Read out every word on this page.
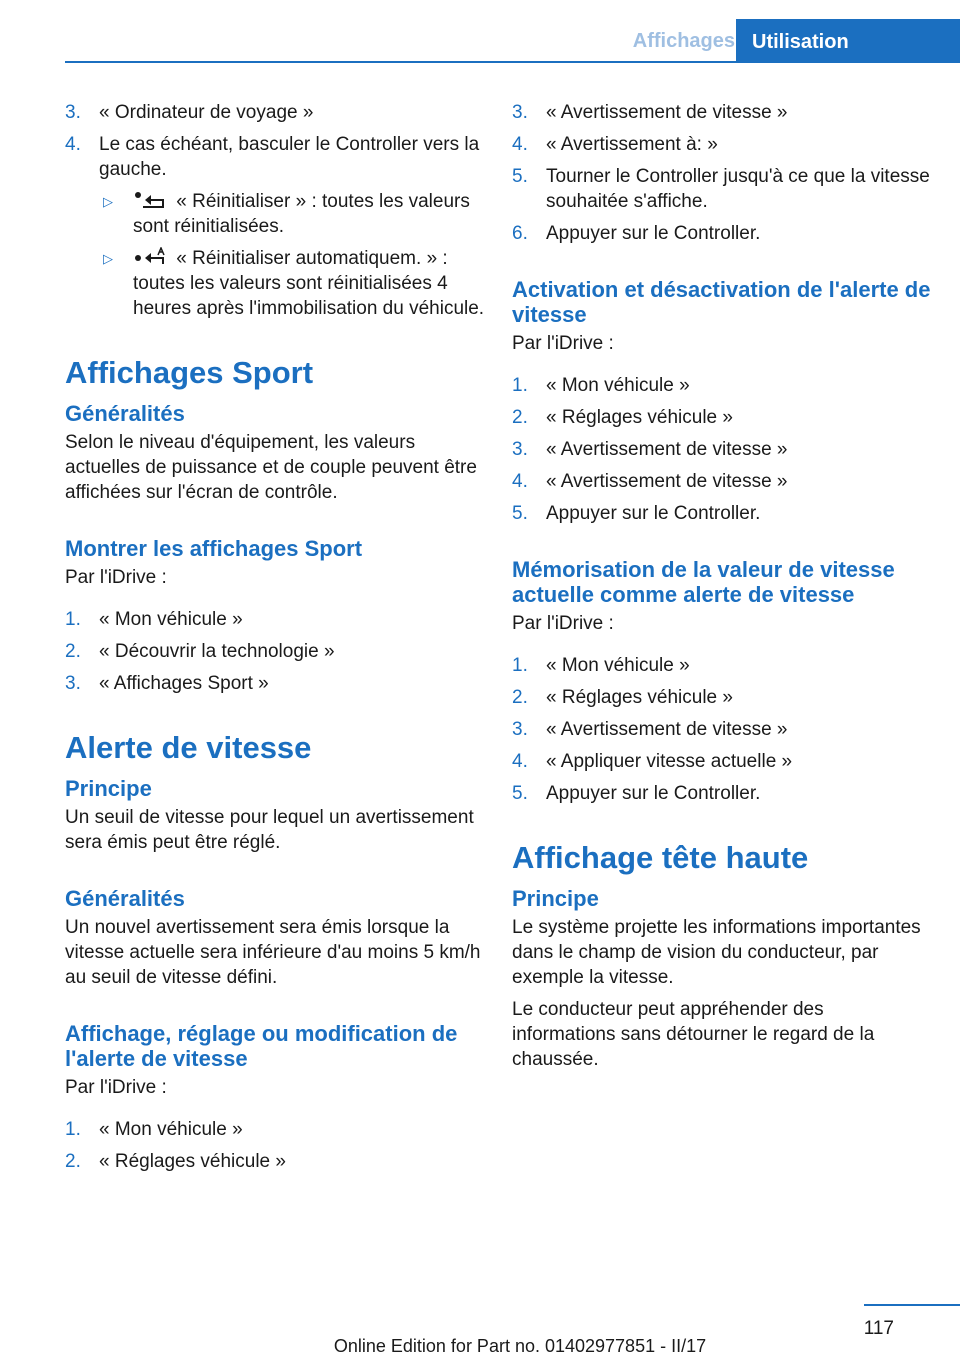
Affichages Utilisation
3. « Ordinateur de voyage »
4. Le cas échéant, basculer le Controller vers la gauche.
▷	« Réinitialiser » : toutes les valeurs sont réinitialisées.
▷	« Réinitialiser automatiquem. » : toutes les valeurs sont réinitialisées 4 heures après l'immobilisation du véhicule.
Affichages Sport
Généralités

Selon le niveau d'équipement, les valeurs actuelles de puissance et de couple peuvent être affichées sur l'écran de contrôle.

Montrer les affichages Sport

Par l'iDrive :

1. « Mon véhicule »
2. « Découvrir la technologie »
3. « Affichages Sport »
Alerte de vitesse
Principe

Un seuil de vitesse pour lequel un avertissement sera émis peut être réglé.

Généralités

Un nouvel avertissement sera émis lorsque la vitesse actuelle sera inférieure d'au moins 5 km/h au seuil de vitesse défini.

Affichage, réglage ou modification de l'alerte de vitesse

Par l'iDrive :

1. « Mon véhicule »
2. « Réglages véhicule »
3. « Avertissement de vitesse »
4. « Avertissement à: »
5. Tourner le Controller jusqu'à ce que la vitesse souhaitée s'affiche.
6. Appuyer sur le Controller.
Activation et désactivation de l'alerte de vitesse

Par l'iDrive :

1. « Mon véhicule »
2. « Réglages véhicule »
3. « Avertissement de vitesse »
4. « Avertissement de vitesse »
5. Appuyer sur le Controller.
Mémorisation de la valeur de vitesse actuelle comme alerte de vitesse

Par l'iDrive :

1. « Mon véhicule »
2. « Réglages véhicule »
3. « Avertissement de vitesse »
4. « Appliquer vitesse actuelle »
5. Appuyer sur le Controller.
Affichage tête haute
Principe

Le système projette les informations importantes dans le champ de vision du conducteur, par exemple la vitesse.

Le conducteur peut appréhender des informations sans détourner le regard de la chaussée.

117
Online Edition for Part no. 01402977851 - II/17
